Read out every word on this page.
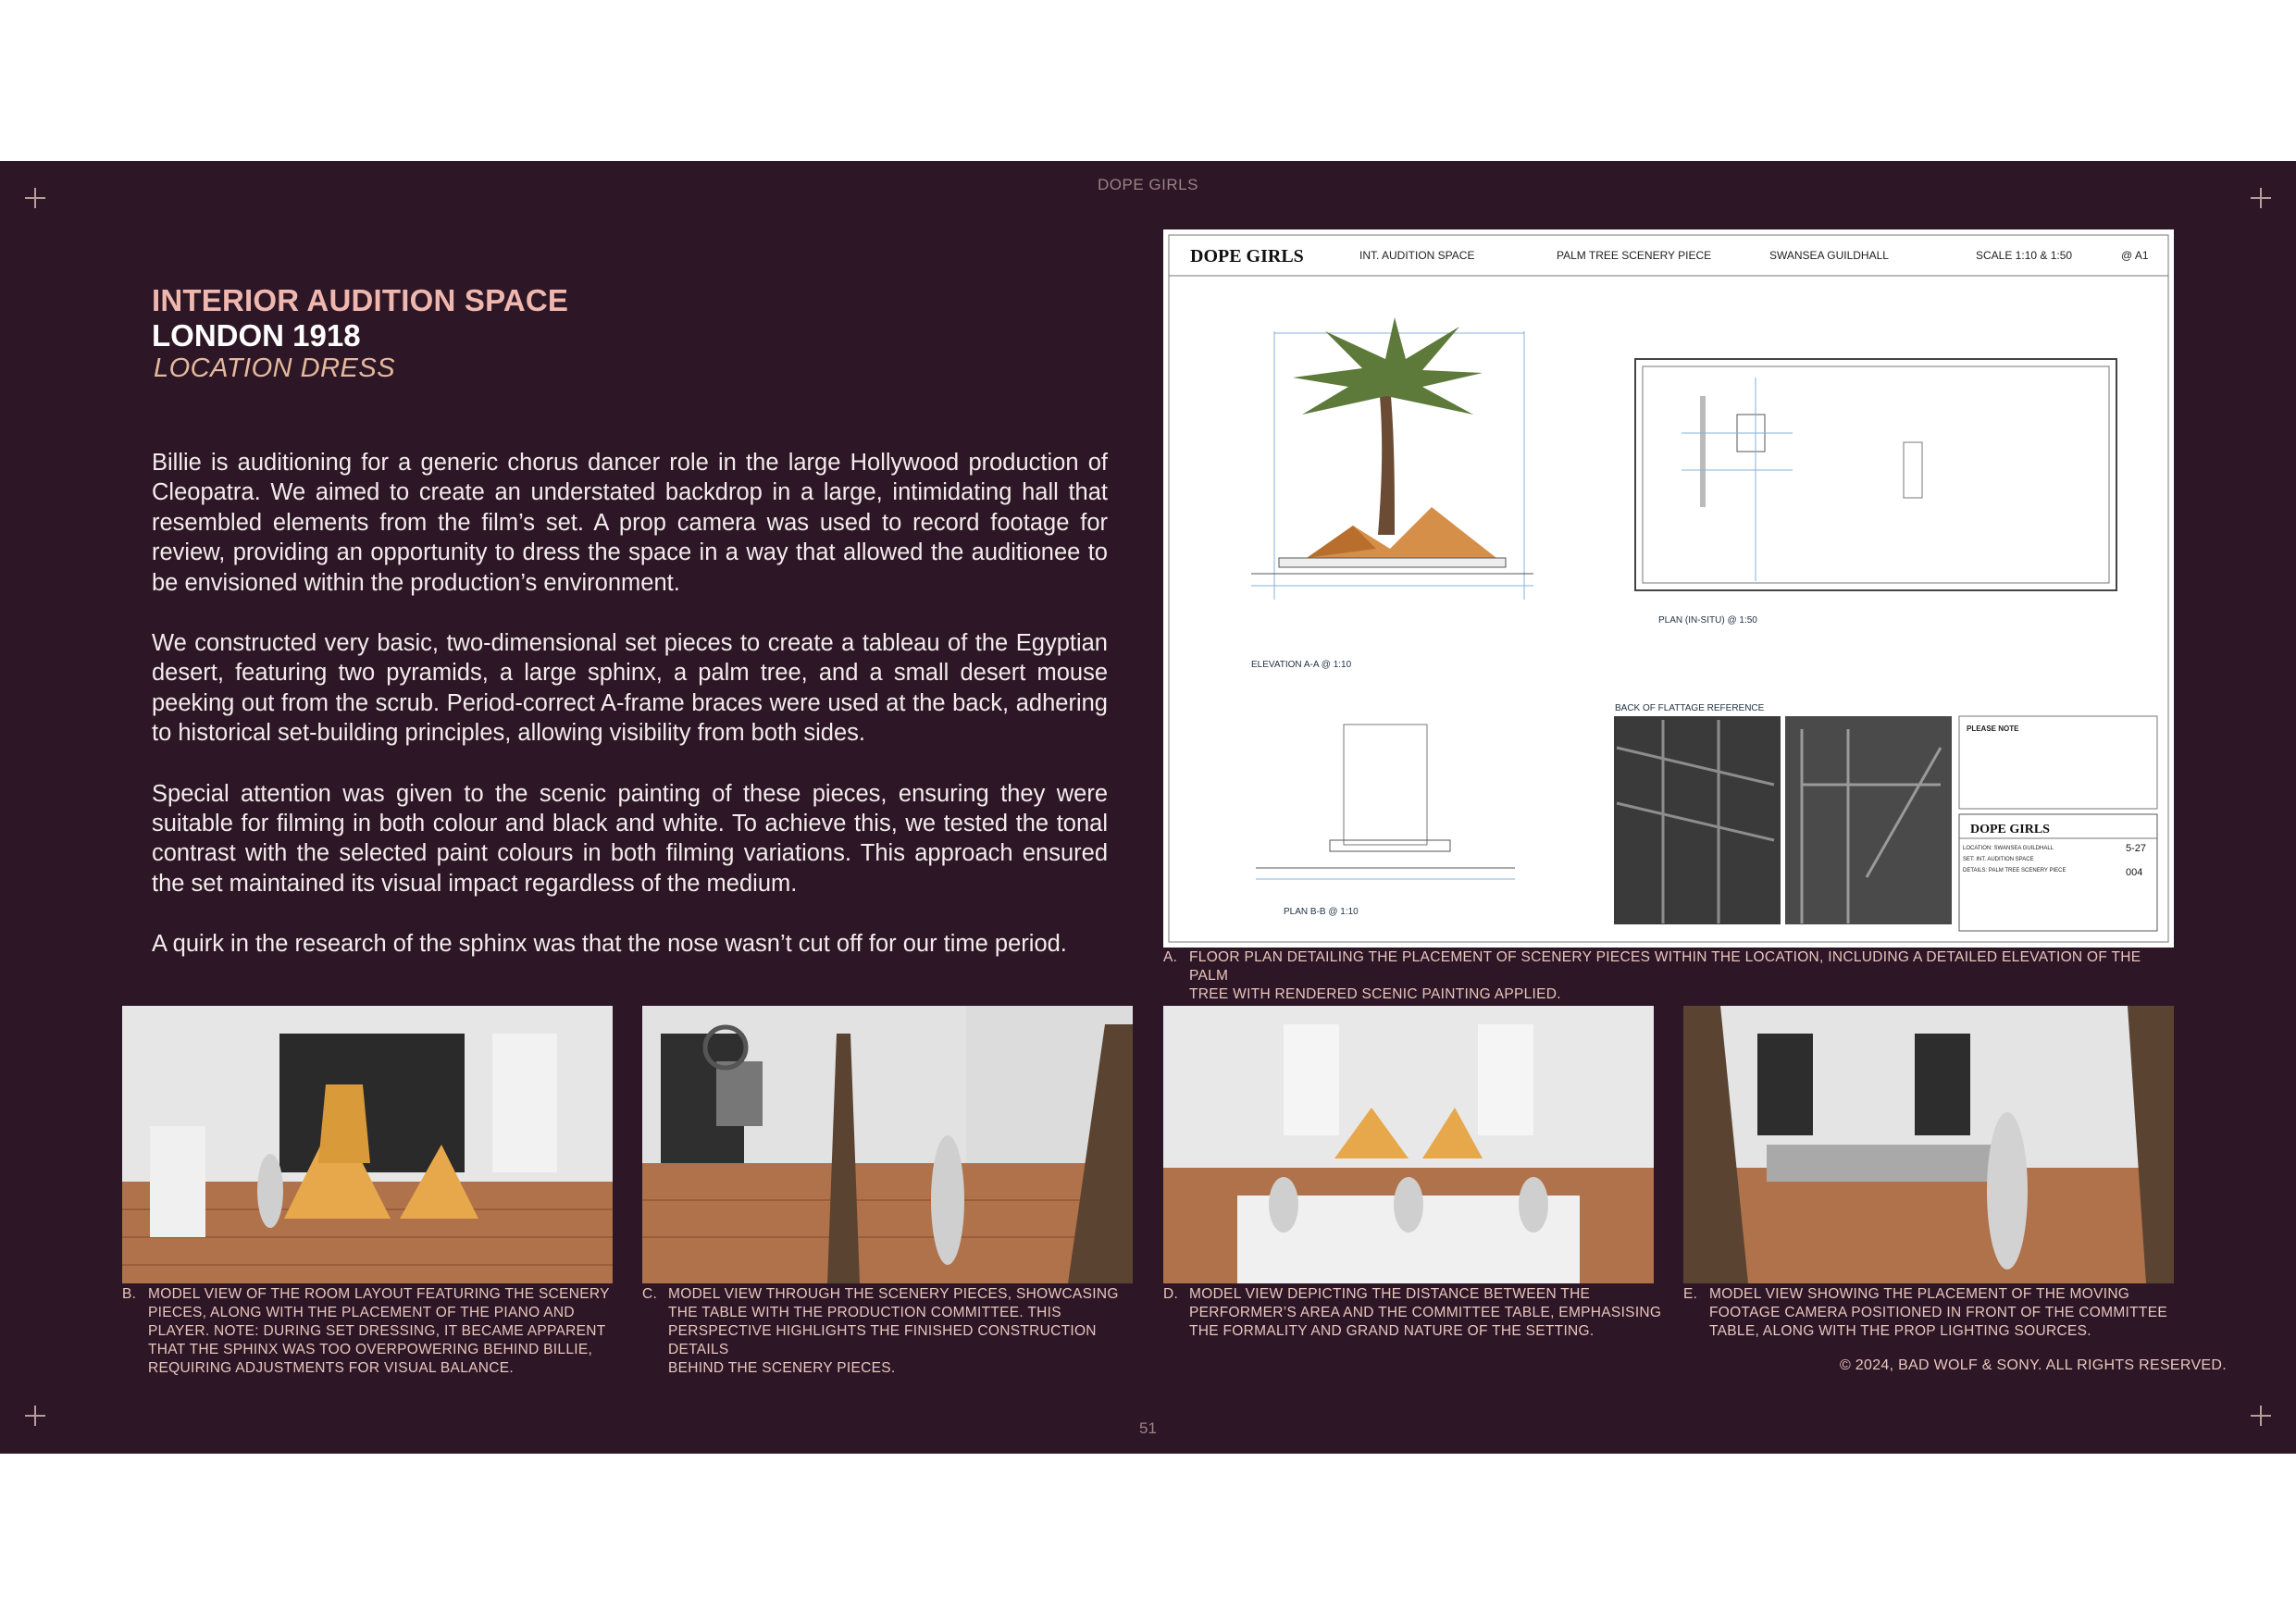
DOPE GIRLS
INTERIOR AUDITION SPACE
LONDON 1918
LOCATION DRESS

Billie is auditioning for a generic chorus dancer role in the large Hollywood production of Cleopatra. We aimed to create an understated backdrop in a large, intimidating hall that resembled elements from the film’s set. A prop camera was used to record footage for review, providing an opportunity to dress the space in a way that allowed the auditionee to be envisioned within the production’s environment.

We constructed very basic, two-dimensional set pieces to create a tableau of the Egyptian desert, featuring two pyramids, a large sphinx, a palm tree, and a small desert mouse peeking out from the scrub. Period-correct A-frame braces were used at the back, adhering to historical set-building principles, allowing visibility from both sides.

Special attention was given to the scenic painting of these pieces, ensuring they were suitable for filming in both colour and black and white. To achieve this, we tested the tonal contrast with the selected paint colours in both filming variations. This approach ensured the set maintained its visual impact regardless of the medium.

A quirk in the research of the sphinx was that the nose wasn’t cut off for our time period.

DOPE GIRLS	INT. AUDITION SPACE	PALM TREE SCENERY PIECE	SWANSEA GUILDHALL	SCALE 1:10 & 1:50	@ A1
ELEVATION A-A @ 1:10
PLAN (IN-SITU) @ 1:50
PLAN B-B @ 1:10
BACK OF FLATTAGE REFERENCE
PLEASE NOTE
DOPE GIRLS
LOCATION: SWANSEA GUILDHALL
SET: INT. AUDITION SPACE
DETAILS: PALM TREE SCENERY PIECE
5-27
004
A. FLOOR PLAN DETAILING THE PLACEMENT OF SCENERY PIECES WITHIN THE LOCATION, INCLUDING A DETAILED ELEVATION OF THE PALM
TREE WITH RENDERED SCENIC PAINTING APPLIED.
B. MODEL VIEW OF THE ROOM LAYOUT FEATURING THE SCENERY
PIECES, ALONG WITH THE PLACEMENT OF THE PIANO AND
PLAYER. NOTE: DURING SET DRESSING, IT BECAME APPARENT
THAT THE SPHINX WAS TOO OVERPOWERING BEHIND BILLIE,
REQUIRING ADJUSTMENTS FOR VISUAL BALANCE.
C. MODEL VIEW THROUGH THE SCENERY PIECES, SHOWCASING
THE TABLE WITH THE PRODUCTION COMMITTEE. THIS
PERSPECTIVE HIGHLIGHTS THE FINISHED CONSTRUCTION DETAILS
BEHIND THE SCENERY PIECES.
D. MODEL VIEW DEPICTING THE DISTANCE BETWEEN THE
PERFORMER’S AREA AND THE COMMITTEE TABLE, EMPHASISING
THE FORMALITY AND GRAND NATURE OF THE SETTING.
E. MODEL VIEW SHOWING THE PLACEMENT OF THE MOVING
FOOTAGE CAMERA POSITIONED IN FRONT OF THE COMMITTEE
TABLE, ALONG WITH THE PROP LIGHTING SOURCES.
© 2024, BAD WOLF & SONY. ALL RIGHTS RESERVED.
51
